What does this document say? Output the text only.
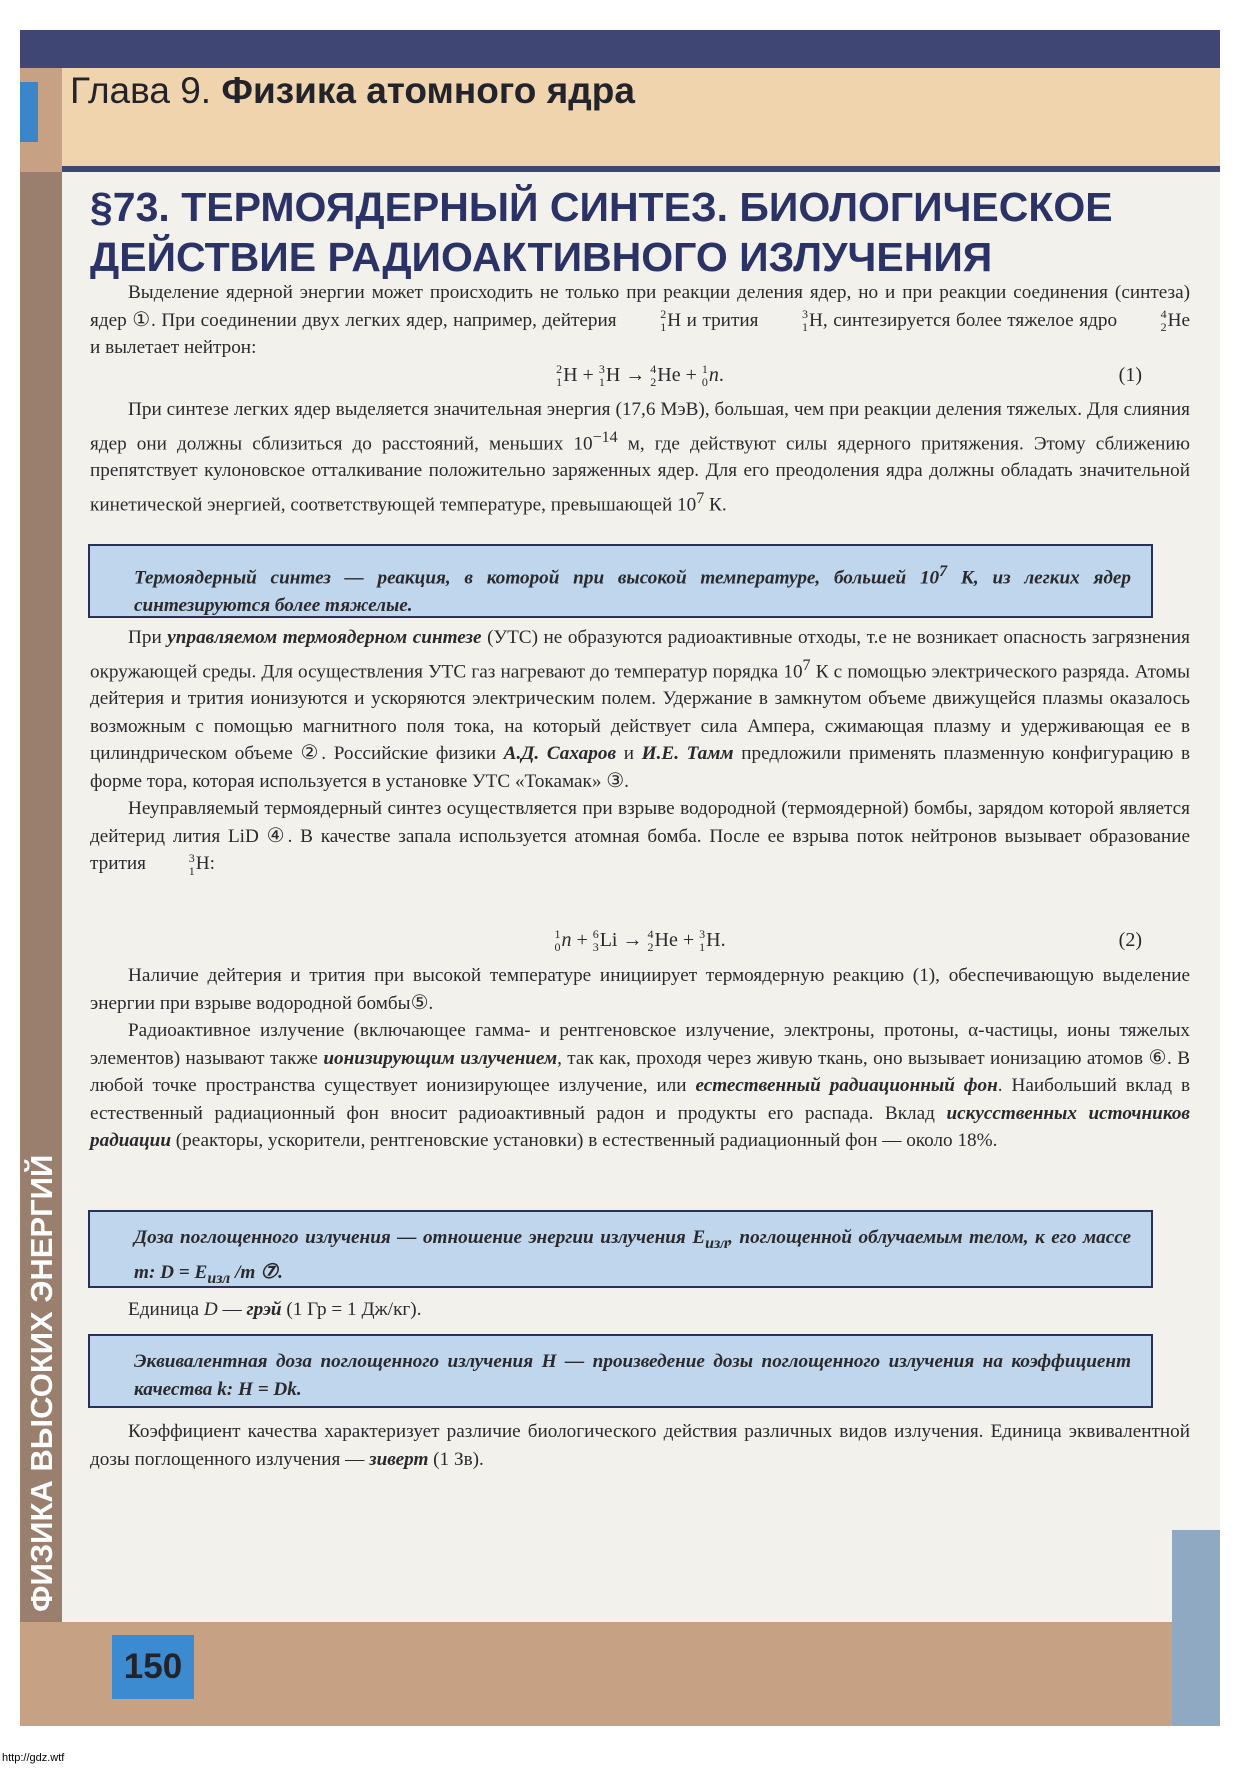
Глава 9. Физика атомного ядра
ФИЗИКА ВЫСОКИХ ЭНЕРГИЙ
§73. ТЕРМОЯДЕРНЫЙ СИНТЕЗ. БИОЛОГИЧЕСКОЕ ДЕЙСТВИЕ РАДИОАКТИВНОГО ИЗЛУЧЕНИЯ

Выделение ядерной энергии может происходить не только при реакции деления ядер, но и при реакции соединения (синтеза) ядер ①. При соединении двух легких ядер, например, дейтерия	2
1 H и трития	3
1 H, синтезируется более тяжелое ядро	4
2 He и вылетает нейтрон:

2
1 H + 3
1 H → 4
2 He + 1
0 n.	(1)

При синтезе легких ядер выделяется значительная энергия (17,6 МэВ), большая, чем при реакции деления тяжелых. Для слияния ядер они должны сблизиться до расстояний, меньших $10^{-14}$ м, где действуют силы ядерного притяжения. Этому сближению препятствует кулоновское отталкивание положительно заряженных ядер. Для его преодоления ядра должны обладать значительной кинетической энергией, соответствующей температуре, превышающей $10^7$ К.

Термоядерный синтез — реакция, в которой при высокой температуре, большей $10^7$ К, из легких ядер синтезируются более тяжелые.

При управляемом термоядерном синтезе (УТС) не образуются радиоактивные отходы, т.е не возникает опасность загрязнения окружающей среды. Для осуществления УТС газ нагревают до температур порядка $10^7$ К с помощью электрического разряда. Атомы дейтерия и трития ионизуются и ускоряются электрическим полем. Удержание в замкнутом объеме движущейся плазмы оказалось возможным с помощью магнитного поля тока, на который действует сила Ампера, сжимающая плазму и удерживающая ее в цилиндрическом объеме ②. Российские физики А.Д. Сахаров и И.Е. Тамм предложили применять плазменную конфигурацию в форме тора, которая используется в установке УТС «Токамак» ③.

Неуправляемый термоядерный синтез осуществляется при взрыве водородной (термоядерной) бомбы, зарядом которой является дейтерид лития LiD ④. В качестве запала используется атомная бомба. После ее взрыва поток нейтронов вызывает образование трития	3
1 H:

1
0 n + 6
3 Li → 4
2 He + 3
1 H.	(2)

Наличие дейтерия и трития при высокой температуре инициирует термоядерную реакцию (1), обеспечивающую выделение энергии при взрыве водородной бомбы⑤.

Радиоактивное излучение (включающее гамма- и рентгеновское излучение, электроны, протоны, α-частицы, ионы тяжелых элементов) называют также ионизирующим излучением, так как, проходя через живую ткань, оно вызывает ионизацию атомов ⑥. В любой точке пространства существует ионизирующее излучение, или естественный радиационный фон. Наибольший вклад в естественный радиационный фон вносит радиоактивный радон и продукты его распада. Вклад искусственных источников радиации (реакторы, ускорители, рентгеновские установки) в естественный радиационный фон — около 18%.

Доза поглощенного излучения — отношение энергии излучения $E_{изл}$, поглощенной облучаемым телом, к его массе m: $D = E_{изл}$ /m ⑦.

Единица D — грэй (1 Гр = 1 Дж/кг).

Эквивалентная доза поглощенного излучения H — произведение дозы поглощенного излучения на коэффициент качества k: H = Dk.

Коэффициент качества характеризует различие биологического действия различных видов излучения. Единица эквивалентной дозы поглощенного излучения — зиверт (1 Зв).

150
http://gdz.wtf
